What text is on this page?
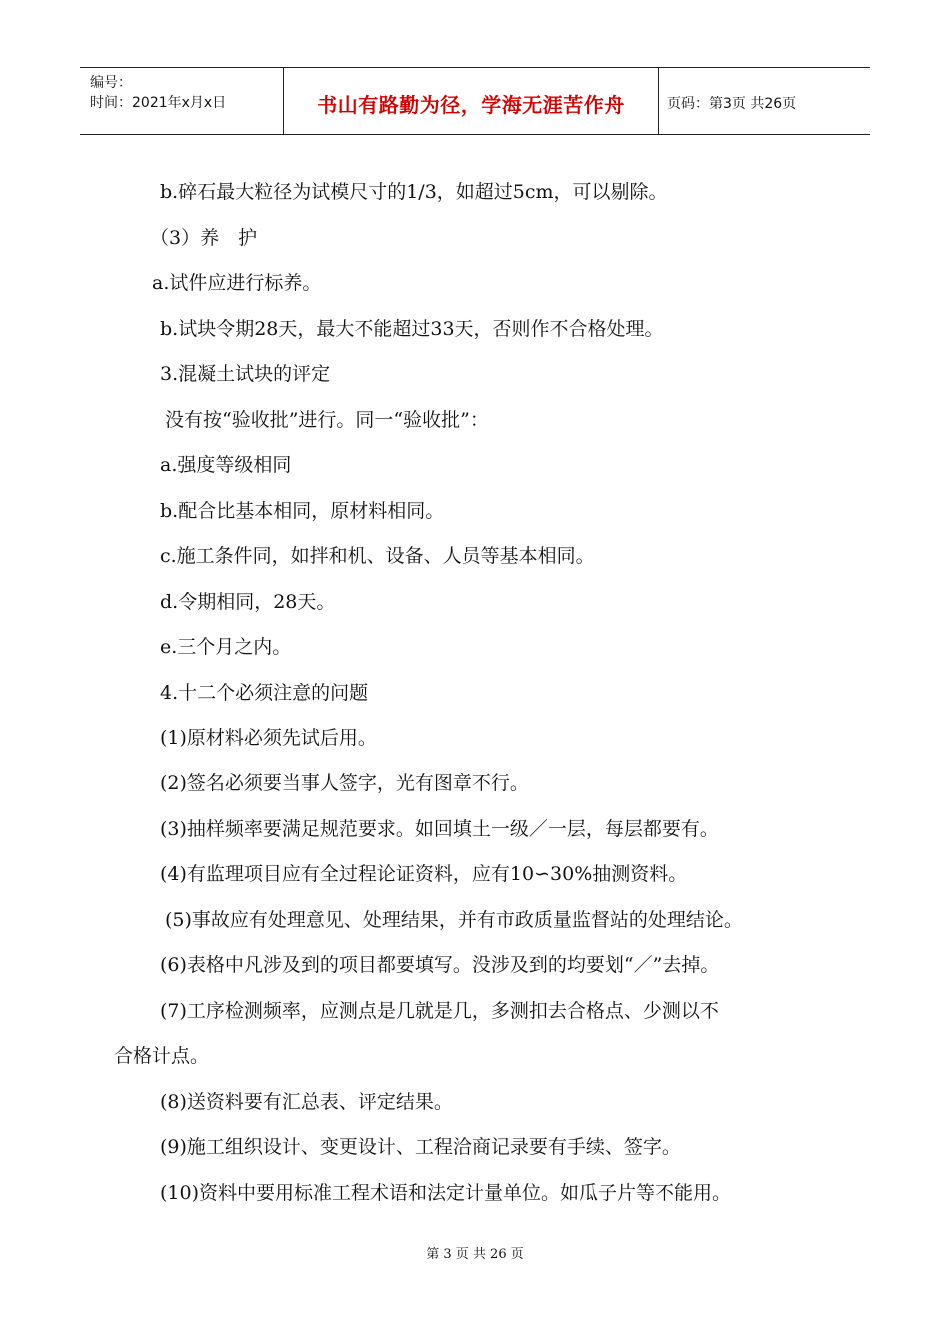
编号：
时间：2021年x月x日	书山有路勤为径，学海无涯苦作舟	页码：第3页 共26页
b.碎石最大粒径为试模尺寸的1/3，如超过5cm，可以剔除。
（3）养　护
a.试件应进行标养。
b.试块令期28天，最大不能超过33天，否则作不合格处理。
3.混凝土试块的评定
没有按“验收批”进行。同一“验收批”：
a.强度等级相同
b.配合比基本相同，原材料相同。
c.施工条件同，如拌和机、设备、人员等基本相同。
d.令期相同，28天。
e.三个月之内。
4.十二个必须注意的问题
(1)原材料必须先试后用。
(2)签名必须要当事人签字，光有图章不行。
(3)抽样频率要满足规范要求。如回填土一级／一层，每层都要有。
(4)有监理项目应有全过程论证资料，应有10∽30%抽测资料。
(5)事故应有处理意见、处理结果，并有市政质量监督站的处理结论。
(6)表格中凡涉及到的项目都要填写。没涉及到的均要划“／”去掉。
(7)工序检测频率，应测点是几就是几，多测扣去合格点、少测以不
合格计点。
(8)送资料要有汇总表、评定结果。
(9)施工组织设计、变更设计、工程洽商记录要有手续、签字。
(10)资料中要用标准工程术语和法定计量单位。如瓜子片等不能用。
第 3 页 共 26 页
